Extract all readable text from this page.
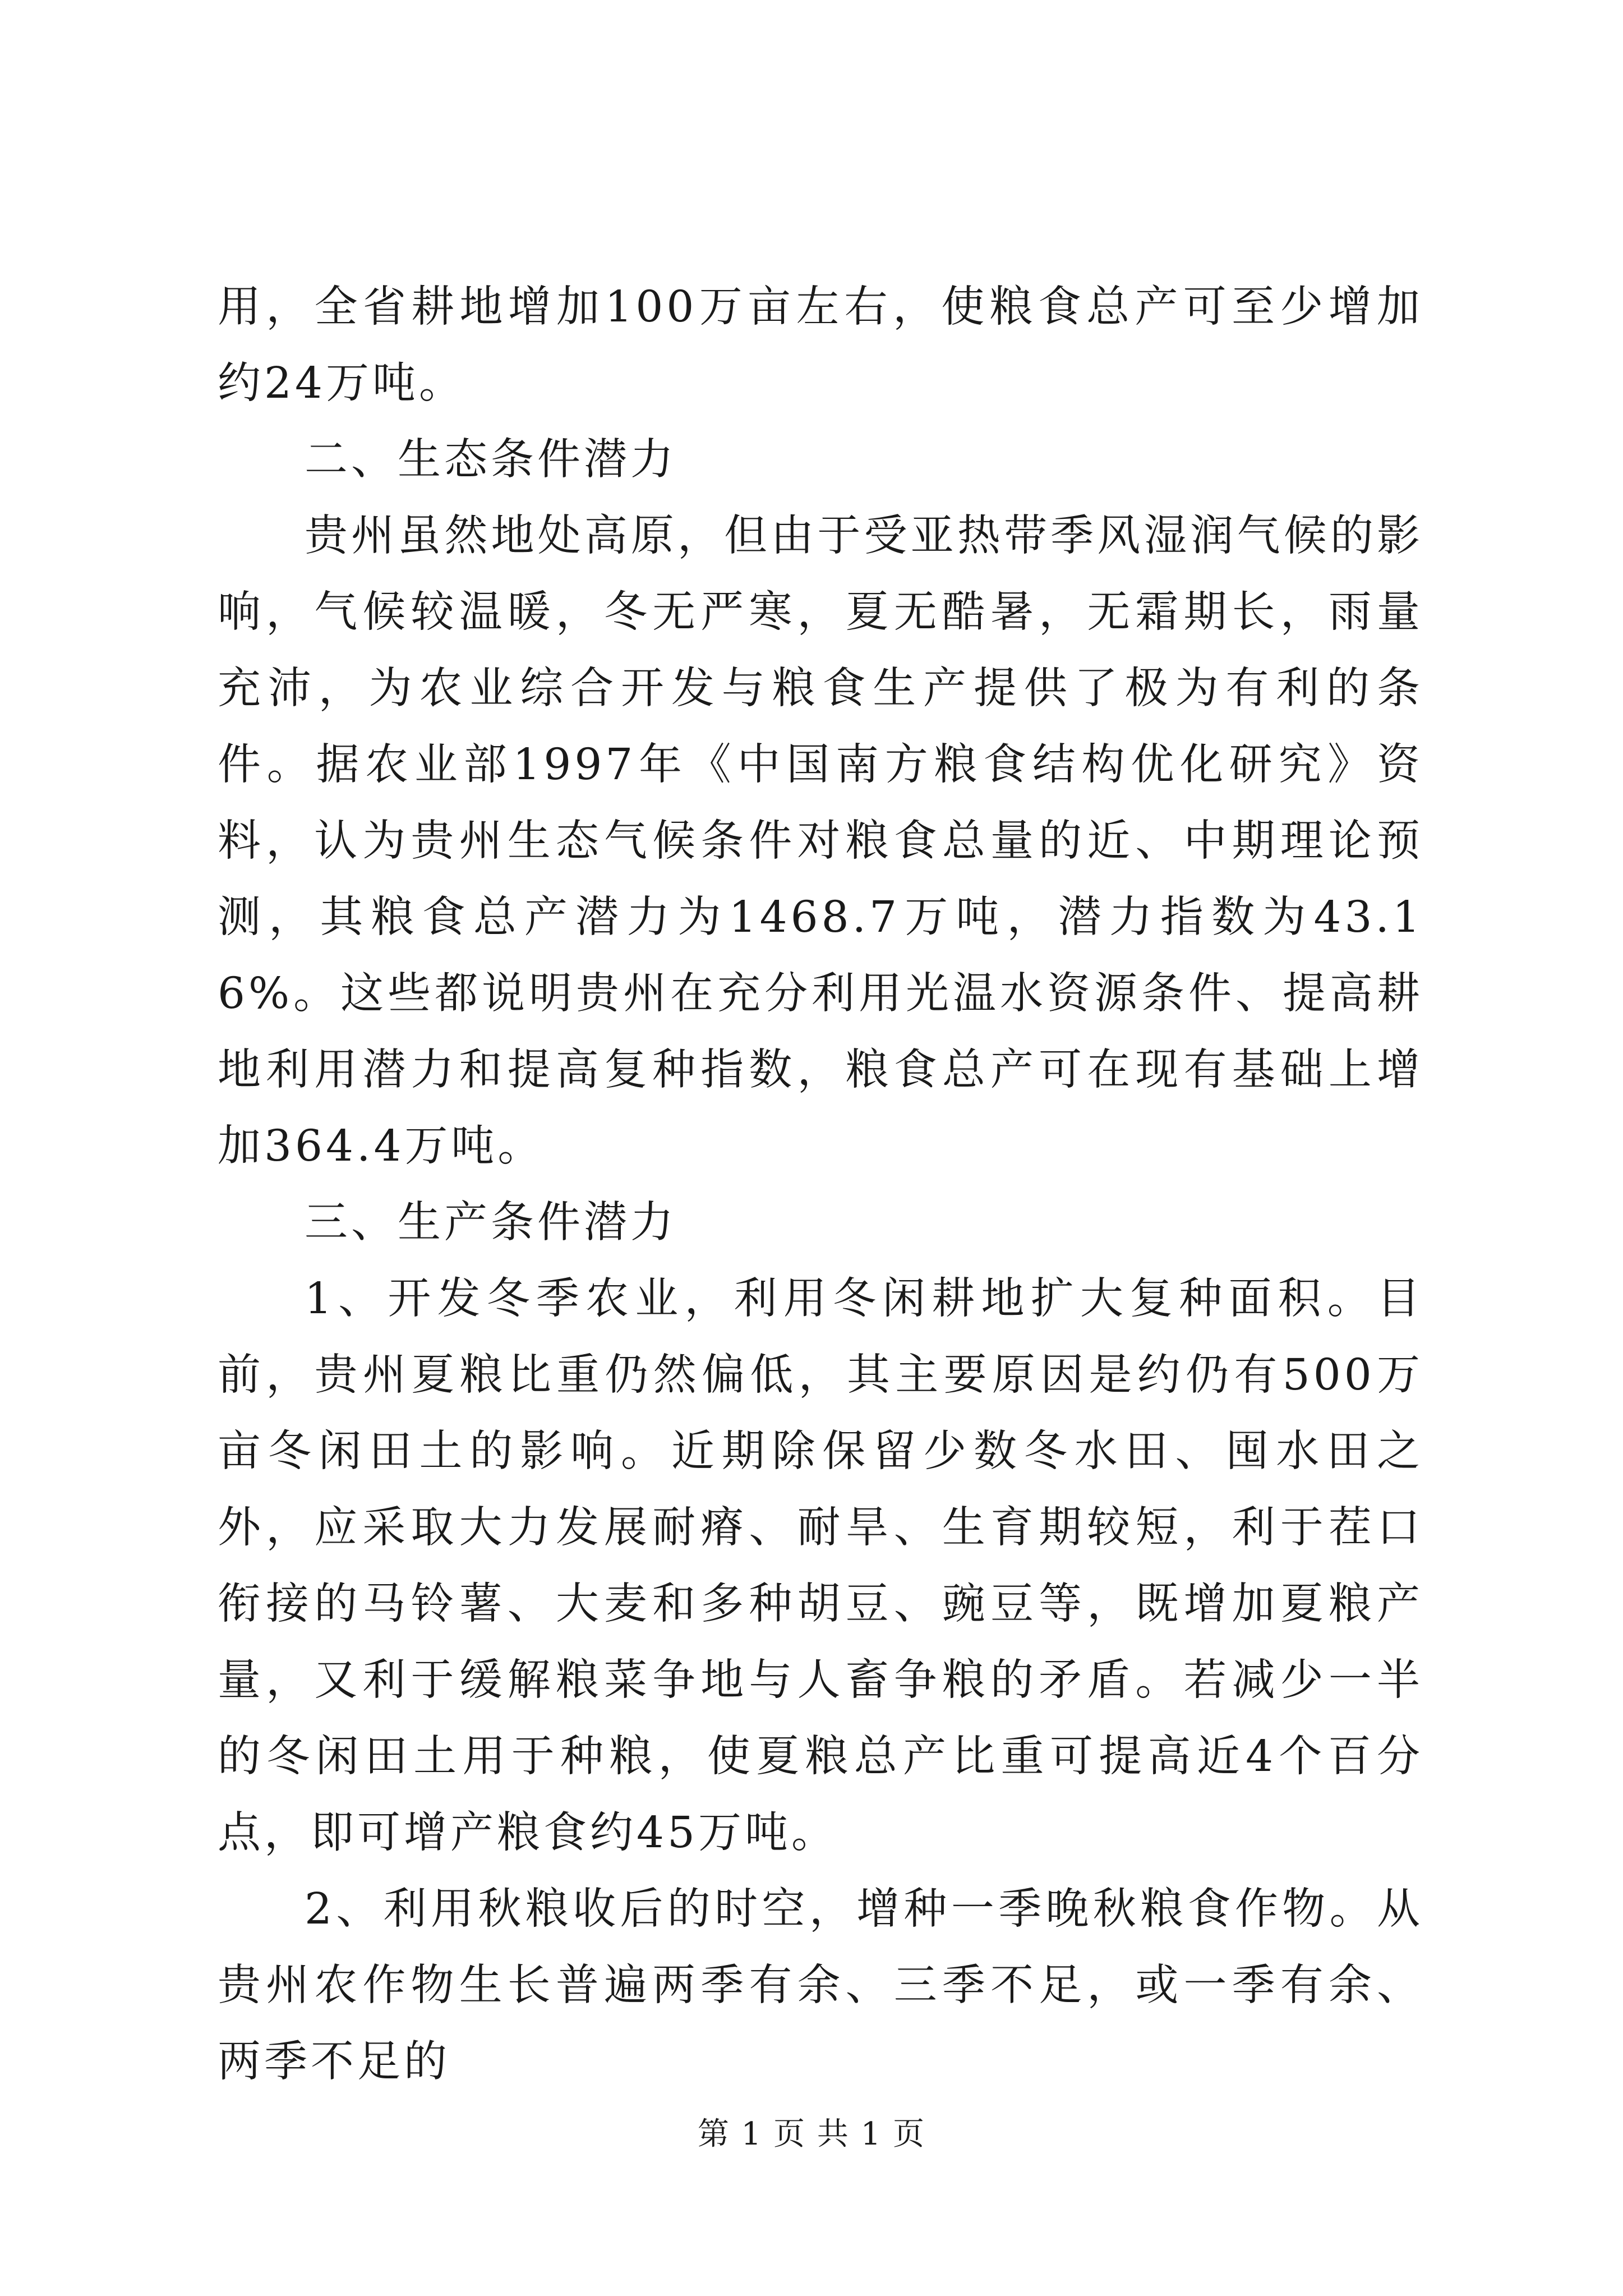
用，全省耕地增加100万亩左右，使粮食总产可至少增加约24万吨。

二、生态条件潜力

贵州虽然地处高原，但由于受亚热带季风湿润气候的影响，气候较温暖，冬无严寒，夏无酷暑，无霜期长，雨量充沛，为农业综合开发与粮食生产提供了极为有利的条件。据农业部1997年《中国南方粮食结构优化研究》资料，认为贵州生态气候条件对粮食总量的近、中期理论预测，其粮食总产潜力为1468.7万吨，潜力指数为43.16%。这些都说明贵州在充分利用光温水资源条件、提高耕地利用潜力和提高复种指数，粮食总产可在现有基础上增加364.4万吨。

三、生产条件潜力

1、开发冬季农业，利用冬闲耕地扩大复种面积。目前，贵州夏粮比重仍然偏低，其主要原因是约仍有500万亩冬闲田土的影响。近期除保留少数冬水田、囤水田之外，应采取大力发展耐瘠、耐旱、生育期较短，利于茬口衔接的马铃薯、大麦和多种胡豆、豌豆等，既增加夏粮产量，又利于缓解粮菜争地与人畜争粮的矛盾。若减少一半的冬闲田土用于种粮，使夏粮总产比重可提高近4个百分点，即可增产粮食约45万吨。

2、利用秋粮收后的时空，增种一季晚秋粮食作物。从贵州农作物生长普遍两季有余、三季不足，或一季有余、两季不足的

第 1 页 共 1 页
